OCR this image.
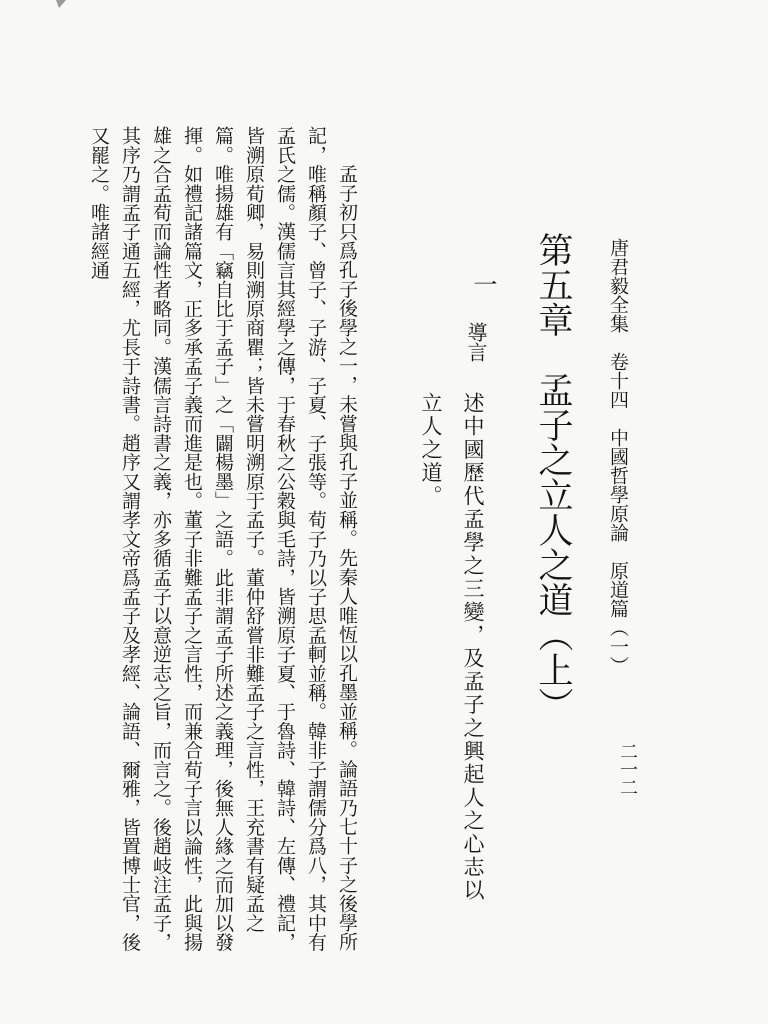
唐君毅全集　卷十四　中國哲學原論　原道篇（一）
二一二
第五章　孟子之立人之道（上）
一
導言
述中國歷代孟學之三變，及孟子之興起人之心志以立人之道。

孟子初只爲孔子後學之一，未嘗與孔子並稱。先秦人唯恆以孔墨並稱。論語乃七十子之後學所記，唯稱顏子、曾子、子游、子夏、子張等。荀子乃以子思孟軻並稱。韓非子謂儒分爲八，其中有孟氏之儒。漢儒言其經學之傳，于春秋之公穀與毛詩，皆溯原子夏、于魯詩、韓詩、左傳、禮記，皆溯原荀卿，易則溯原商瞿；皆未嘗明溯原于孟子。董仲舒嘗非難孟子之言性，王充書有疑孟之篇。唯揚雄有「竊自比于孟子」之「闢楊墨」之語。此非謂孟子所述之義理，後無人緣之而加以發揮。如禮記諸篇文，正多承孟子義而進是也。董子非難孟子之言性，而兼合荀子言以論性，此與揚雄之合孟荀而論性者略同。漢儒言詩書之義，亦多循孟子以意逆志之旨，而言之。後趙岐注孟子，其序乃謂孟子通五經，尤長于詩書。趙序又謂孝文帝爲孟子及孝經、論語、爾雅，皆置博士官，後又罷之。唯諸經通
